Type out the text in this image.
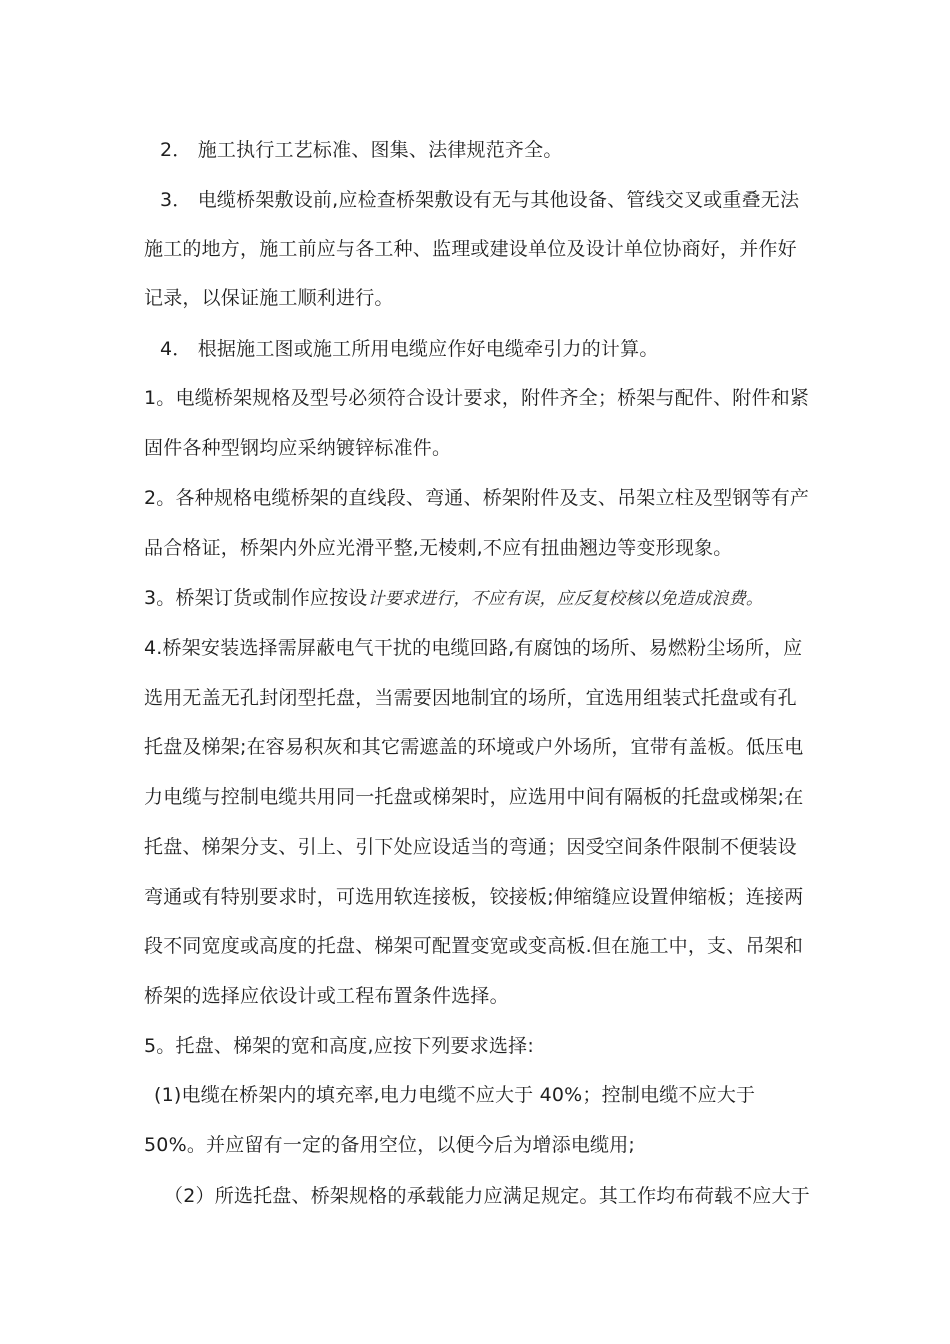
2． 施工执行工艺标准、图集、法律规范齐全。
3． 电缆桥架敷设前,应检查桥架敷设有无与其他设备、管线交叉或重叠无法
施工的地方，施工前应与各工种、监理或建设单位及设计单位协商好，并作好
记录，以保证施工顺利进行。
4． 根据施工图或施工所用电缆应作好电缆牵引力的计算。
1。电缆桥架规格及型号必须符合设计要求，附件齐全；桥架与配件、附件和紧
固件各种型钢均应采纳镀锌标准件。
2。各种规格电缆桥架的直线段、弯通、桥架附件及支、吊架立柱及型钢等有产
品合格证，桥架内外应光滑平整,无棱刺,不应有扭曲翘边等变形现象。
3。桥架订货或制作应按设计要求进行，不应有误，应反复校核以免造成浪费。
4.桥架安装选择需屏蔽电气干扰的电缆回路,有腐蚀的场所、易燃粉尘场所，应
选用无盖无孔封闭型托盘，当需要因地制宜的场所，宜选用组装式托盘或有孔
托盘及梯架;在容易积灰和其它需遮盖的环境或户外场所，宜带有盖板。低压电
力电缆与控制电缆共用同一托盘或梯架时，应选用中间有隔板的托盘或梯架;在
托盘、梯架分支、引上、引下处应设适当的弯通；因受空间条件限制不便装设
弯通或有特别要求时，可选用软连接板，铰接板;伸缩缝应设置伸缩板；连接两
段不同宽度或高度的托盘、梯架可配置变宽或变高板.但在施工中，支、吊架和
桥架的选择应依设计或工程布置条件选择。
5。托盘、梯架的宽和高度,应按下列要求选择:
(1)电缆在桥架内的填充率,电力电缆不应大于 40%；控制电缆不应大于
50%。并应留有一定的备用空位，以便今后为增添电缆用;
（2）所选托盘、桥架规格的承载能力应满足规定。其工作均布荷载不应大于
